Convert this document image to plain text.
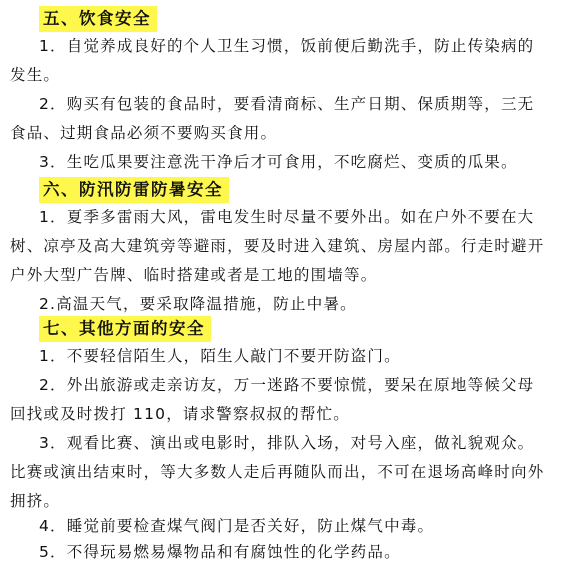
五、饮食安全
1．自觉养成良好的个人卫生习惯，饭前便后勤洗手，防止传染病的
发生。
2．购买有包装的食品时，要看清商标、生产日期、保质期等，三无
食品、过期食品必须不要购买食用。
3．生吃瓜果要注意洗干净后才可食用，不吃腐烂、变质的瓜果。
六、防汛防雷防暑安全
1．夏季多雷雨大风，雷电发生时尽量不要外出。如在户外不要在大
树、凉亭及高大建筑旁等避雨，要及时进入建筑、房屋内部。行走时避开
户外大型广告牌、临时搭建或者是工地的围墙等。
2.高温天气，要采取降温措施，防止中暑。
七、其他方面的安全
1．不要轻信陌生人，陌生人敲门不要开防盗门。
2．外出旅游或走亲访友，万一迷路不要惊慌，要呆在原地等候父母
回找或及时拨打 110，请求警察叔叔的帮忙。
3．观看比赛、演出或电影时，排队入场，对号入座，做礼貌观众。
比赛或演出结束时，等大多数人走后再随队而出，不可在退场高峰时向外
拥挤。
4．睡觉前要检查煤气阀门是否关好，防止煤气中毒。
5．不得玩易燃易爆物品和有腐蚀性的化学药品。
